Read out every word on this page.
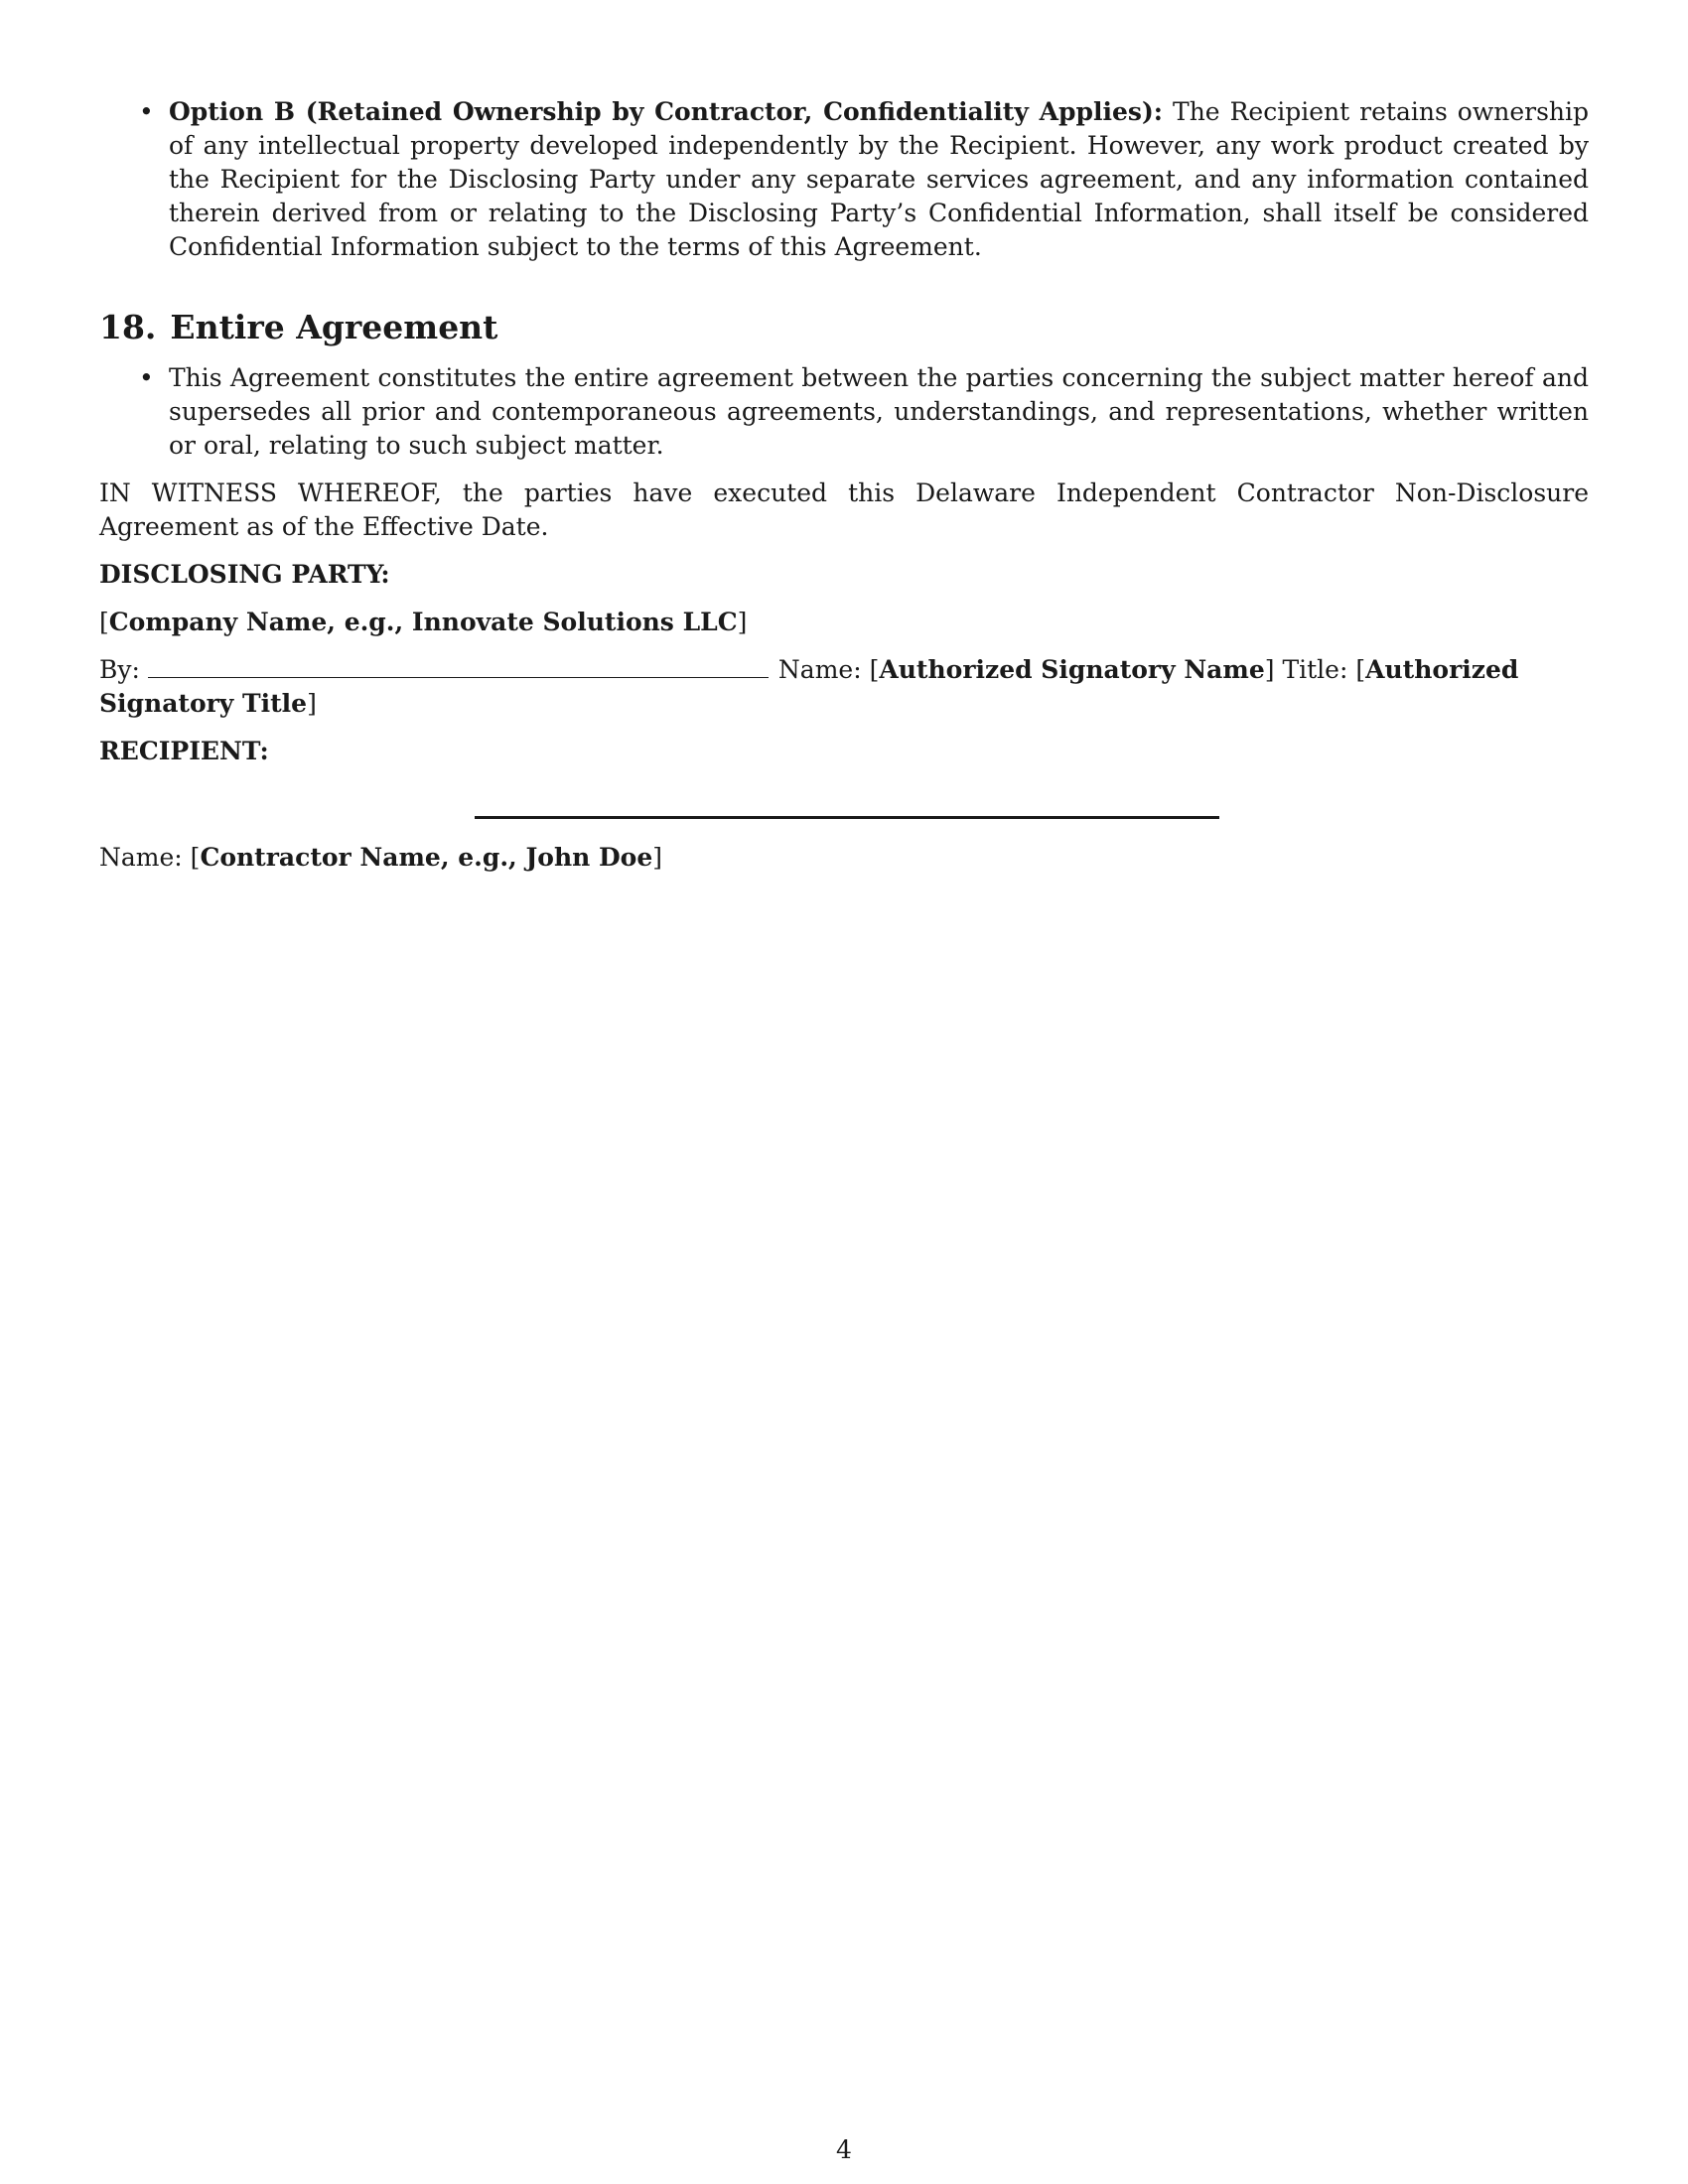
• Option B (Retained Ownership by Contractor, Confidentiality Applies): The Recipient retains ownership of any intellectual property developed independently by the Recipient. However, any work product created by the Recipient for the Disclosing Party under any separate services agreement, and any information contained therein derived from or relating to the Disclosing Party’s Confidential Information, shall itself be considered Confidential Information subject to the terms of this Agreement.
18. Entire Agreement
• This Agreement constitutes the entire agreement between the parties concerning the subject matter hereof and supersedes all prior and contemporaneous agreements, understandings, and representations, whether written or oral, relating to such subject matter.

IN WITNESS WHEREOF, the parties have executed this Delaware Independent Contractor Non-Disclosure Agreement as of the Effective Date.

DISCLOSING PARTY:
[Company Name, e.g., Innovate Solutions LLC]
By:	Name: [Authorized Signatory Name] Title: [Authorized Signatory Title]
RECIPIENT:
Name: [Contractor Name, e.g., John Doe]
4
